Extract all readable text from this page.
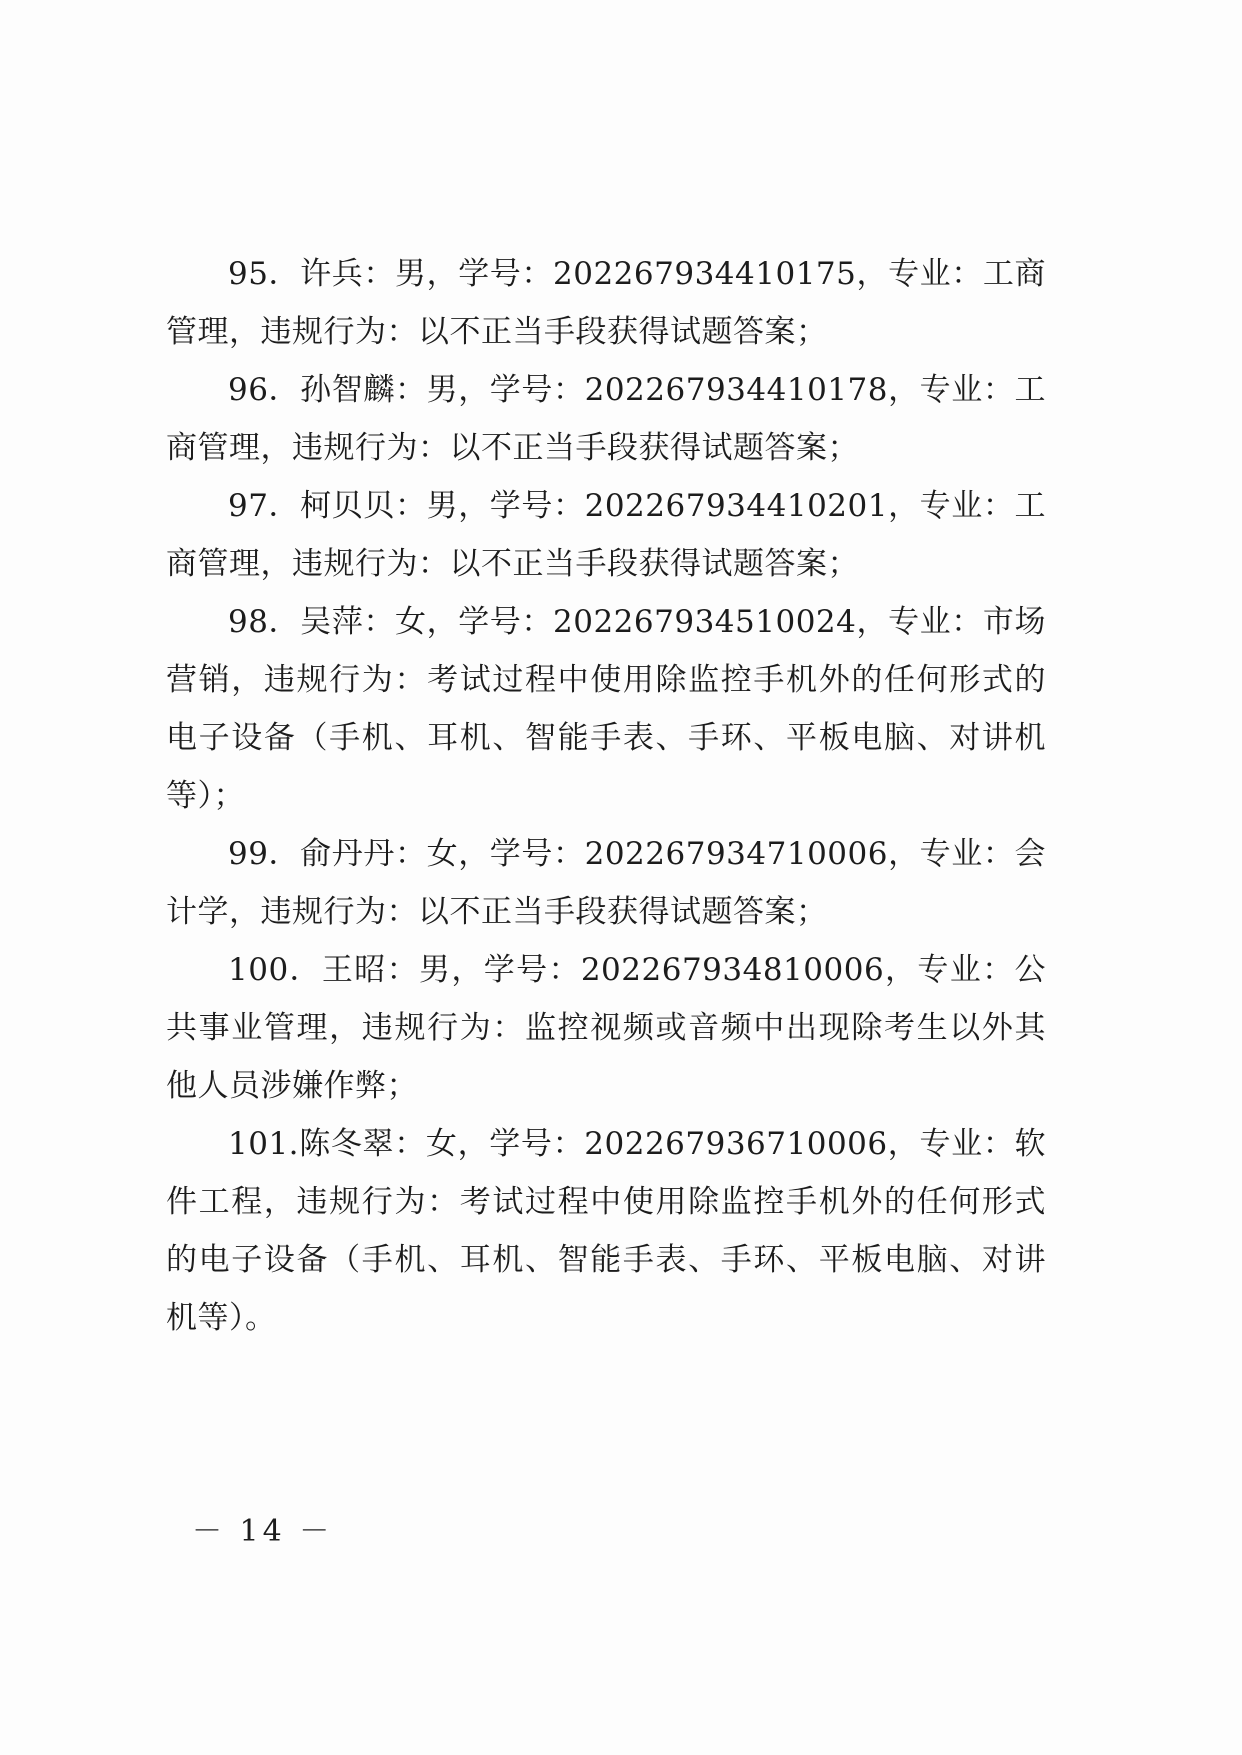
95．许兵：男，学号：202267934410175，专业：工商管理，违规行为：以不正当手段获得试题答案；

96．孙智麟：男，学号：202267934410178，专业：工商管理，违规行为：以不正当手段获得试题答案；

97．柯贝贝：男，学号：202267934410201，专业：工商管理，违规行为：以不正当手段获得试题答案；

98．吴萍：女，学号：202267934510024，专业：市场营销，违规行为：考试过程中使用除监控手机外的任何形式的电子设备（手机、耳机、智能手表、手环、平板电脑、对讲机等）；

99．俞丹丹：女，学号：202267934710006，专业：会计学，违规行为：以不正当手段获得试题答案；

100．王昭：男，学号：202267934810006，专业：公共事业管理，违规行为：监控视频或音频中出现除考生以外其他人员涉嫌作弊；

101.陈冬翠：女，学号：202267936710006，专业：软件工程，违规行为：考试过程中使用除监控手机外的任何形式的电子设备（手机、耳机、智能手表、手环、平板电脑、对讲机等）。

－ 14 －
